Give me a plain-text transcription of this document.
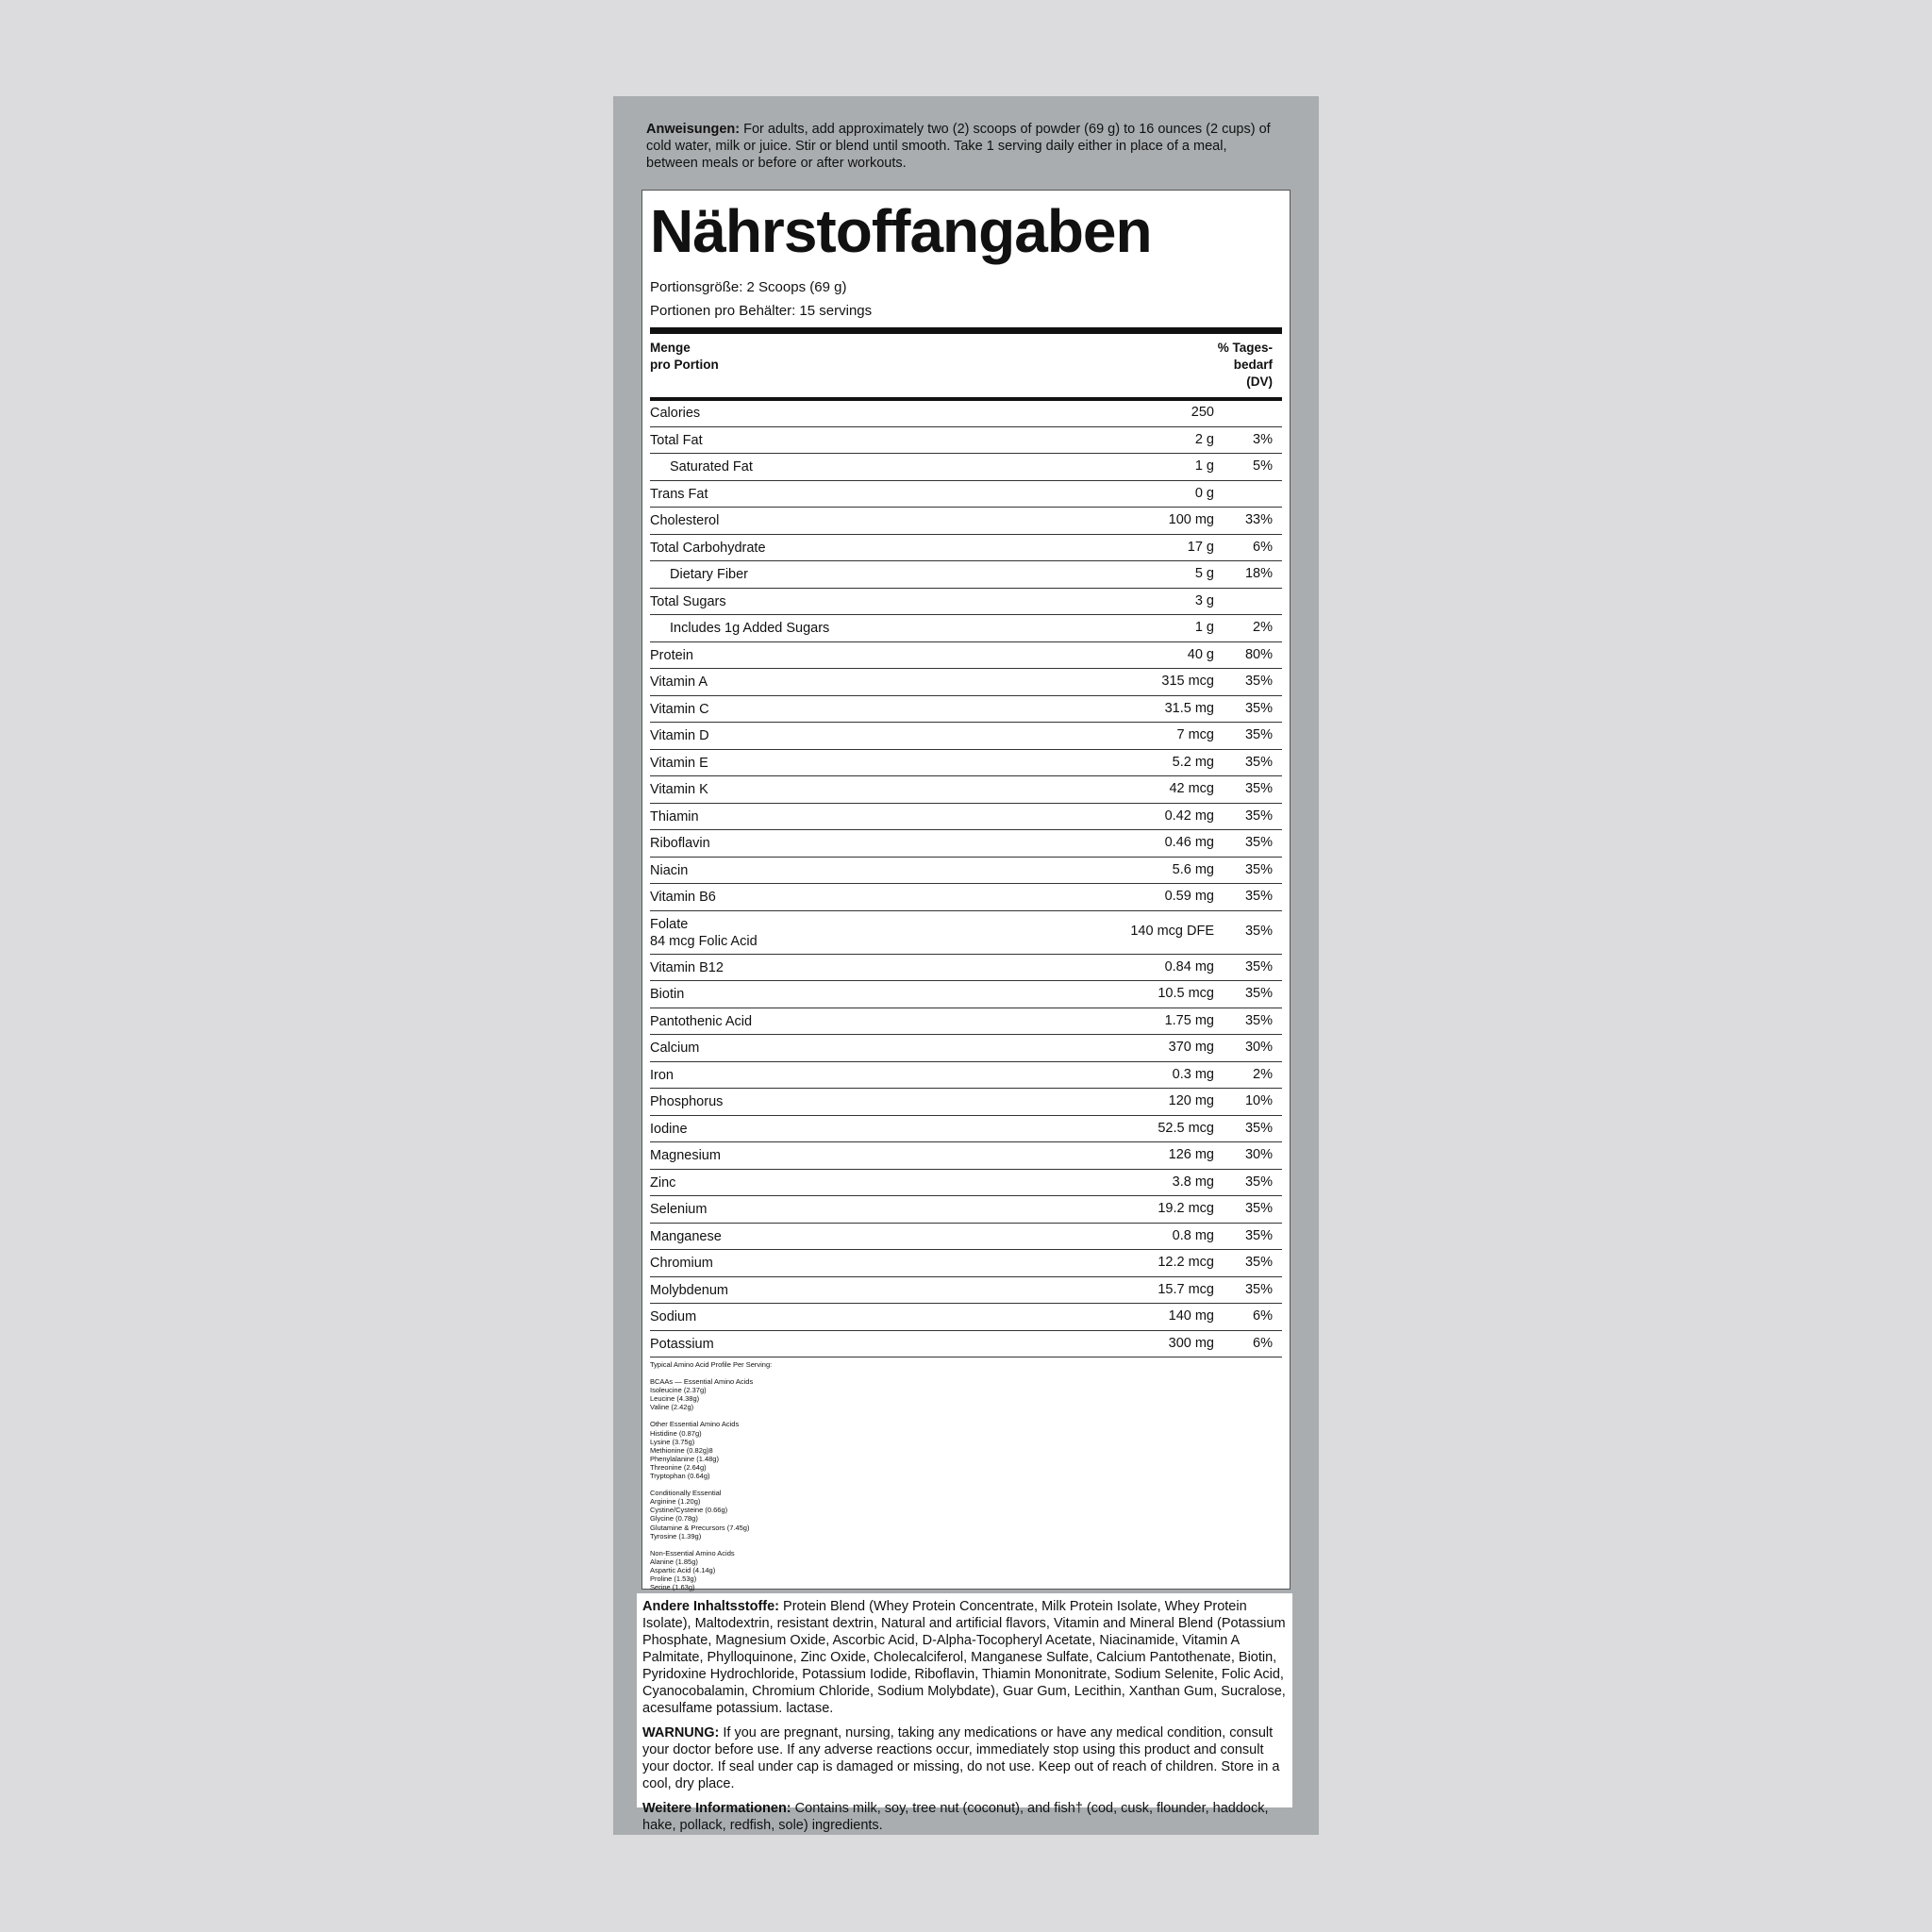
Anweisungen: For adults, add approximately two (2) scoops of powder (69 g) to 16 ounces (2 cups) of cold water, milk or juice. Stir or blend until smooth. Take 1 serving daily either in place of a meal, between meals or before or after workouts.
Nährstoffangaben
Portionsgröße: 2 Scoops (69 g)
Portionen pro Behälter: 15 servings
Menge
pro Portion
% Tages-
bedarf
(DV)
Calories	250
Total Fat	2 g	3%
Saturated Fat	1 g	5%
Trans Fat	0 g
Cholesterol	100 mg 33%
Total Carbohydrate	17 g	6%
Dietary Fiber	5 g 18%
Total Sugars	3 g
Includes 1g Added Sugars	1 g	2%
Protein	40 g 80%
Vitamin A	315 mcg 35%
Vitamin C	31.5 mg 35%
Vitamin D	7 mcg 35%
Vitamin E	5.2 mg 35%
Vitamin K	42 mcg 35%
Thiamin	0.42 mg 35%
Riboflavin	0.46 mg 35%
Niacin	5.6 mg 35%
Vitamin B6	0.59 mg 35%
Folate
84 mcg Folic Acid
140 mcg DFE 35%
Vitamin B12	0.84 mg 35%
Biotin	10.5 mcg 35%
Pantothenic Acid	1.75 mg 35%
Calcium	370 mg 30%
Iron	0.3 mg	2%
Phosphorus	120 mg 10%
Iodine	52.5 mcg 35%
Magnesium	126 mg 30%
Zinc	3.8 mg 35%
Selenium	19.2 mcg 35%
Manganese	0.8 mg 35%
Chromium	12.2 mcg 35%
Molybdenum	15.7 mcg 35%
Sodium	140 mg	6%
Potassium	300 mg	6%
Typical Amino Acid Profile Per Serving:
BCAAs — Essential Amino Acids
Isoleucine (2.37g)
Leucine (4.38g)
Valine (2.42g)
Other Essential Amino Acids
Histidine (0.87g)
Lysine (3.75g)
Methionine (0.82g)8
Phenylalanine (1.48g)
Threonine (2.64g)
Tryptophan (0.64g)
Conditionally Essential
Arginine (1.20g)
Cystine/Cysteine (0.66g)
Glycine (0.78g)
Glutamine & Precursors (7.45g)
Tyrosine (1.39g)
Non-Essential Amino Acids
Alanine (1.85g)
Aspartic Acid (4.14g)
Proline (1.53g)
Serine (1.63g)

Andere Inhaltsstoffe: Protein Blend (Whey Protein Concentrate, Milk Protein Isolate, Whey Protein Isolate), Maltodextrin, resistant dextrin, Natural and artificial flavors, Vitamin and Mineral Blend (Potassium Phosphate, Magnesium Oxide, Ascorbic Acid, D-Alpha-Tocopheryl Acetate, Niacinamide, Vitamin A Palmitate, Phylloquinone, Zinc Oxide, Cholecalciferol, Manganese Sulfate, Calcium Pantothenate, Biotin, Pyridoxine Hydrochloride, Potassium Iodide, Riboflavin, Thiamin Mononitrate, Sodium Selenite, Folic Acid, Cyanocobalamin, Chromium Chloride, Sodium Molybdate), Guar Gum, Lecithin, Xanthan Gum, Sucralose, acesulfame potassium. lactase.

WARNUNG: If you are pregnant, nursing, taking any medications or have any medical condition, consult your doctor before use. If any adverse reactions occur, immediately stop using this product and consult your doctor. If seal under cap is damaged or missing, do not use. Keep out of reach of children. Store in a cool, dry place.

Weitere Informationen: Contains milk, soy, tree nut (coconut), and fish† (cod, cusk, flounder, haddock, hake, pollack, redfish, sole) ingredients.
